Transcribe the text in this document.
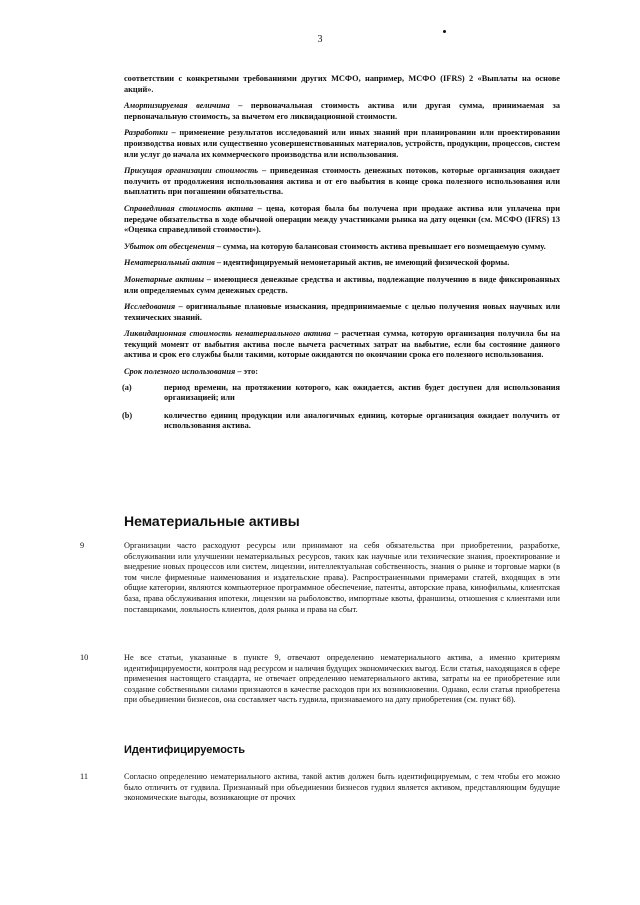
3

соответствии с конкретными требованиями других МСФО, например, МСФО (IFRS) 2 «Выплаты на основе акций».

Амортизируемая величина – первоначальная стоимость актива или другая сумма, принимаемая за первоначальную стоимость, за вычетом его ликвидационной стоимости.

Разработки – применение результатов исследований или иных знаний при планировании или проектировании производства новых или существенно усовершенствованных материалов, устройств, продукции, процессов, систем или услуг до начала их коммерческого производства или использования.

Присущая организации стоимость – приведенная стоимость денежных потоков, которые организация ожидает получить от продолжения использования актива и от его выбытия в конце срока полезного использования или выплатить при погашении обязательства.

Справедливая стоимость актива – цена, которая была бы получена при продаже актива или уплачена при передаче обязательства в ходе обычной операции между участниками рынка на дату оценки (см. МСФО (IFRS) 13 «Оценка справедливой стоимости»).

Убыток от обесценения – сумма, на которую балансовая стоимость актива превышает его возмещаемую сумму.

Нематериальный актив – идентифицируемый немонетарный актив, не имеющий физической формы.

Монетарные активы – имеющиеся денежные средства и активы, подлежащие получению в виде фиксированных или определяемых сумм денежных средств.

Исследования – оригинальные плановые изыскания, предпринимаемые с целью получения новых научных или технических знаний.

Ликвидационная стоимость нематериального актива – расчетная сумма, которую организация получила бы на текущий момент от выбытия актива после вычета расчетных затрат на выбытие, если бы состояние данного актива и срок его службы были такими, которые ожидаются по окончании срока его полезного использования.

Срок полезного использования – это:

(a)	период времени, на протяжении которого, как ожидается, актив будет доступен для использования организацией; или
(b)	количество единиц продукции или аналогичных единиц, которые организация ожидает получить от использования актива.
Нематериальные активы
9	Организации часто расходуют ресурсы или принимают на себя обязательства при приобретении, разработке, обслуживании или улучшении нематериальных ресурсов, таких как научные или технические знания, проектирование и внедрение новых процессов или систем, лицензии, интеллектуальная собственность, знания о рынке и торговые марки (в том числе фирменные наименования и издательские права). Распространенными примерами статей, входящих в эти общие категории, являются компьютерное программное обеспечение, патенты, авторские права, кинофильмы, клиентская база, права обслуживания ипотеки, лицензии на рыболовство, импортные квоты, франшизы, отношения с клиентами или поставщиками, лояльность клиентов, доля рынка и права на сбыт.
10	Не все статьи, указанные в пункте 9, отвечают определению нематериального актива, а именно критериям идентифицируемости, контроля над ресурсом и наличия будущих экономических выгод. Если статья, находящаяся в сфере применения настоящего стандарта, не отвечает определению нематериального актива, затраты на ее приобретение или создание собственными силами признаются в качестве расходов при их возникновении. Однако, если статья приобретена при объединении бизнесов, она составляет часть гудвила, признаваемого на дату приобретения (см. пункт 68).
Идентифицируемость
11	Согласно определению нематериального актива, такой актив должен быть идентифицируемым, с тем чтобы его можно было отличить от гудвила. Признанный при объединении бизнесов гудвил является активом, представляющим будущие экономические выгоды, возникающие от прочих
